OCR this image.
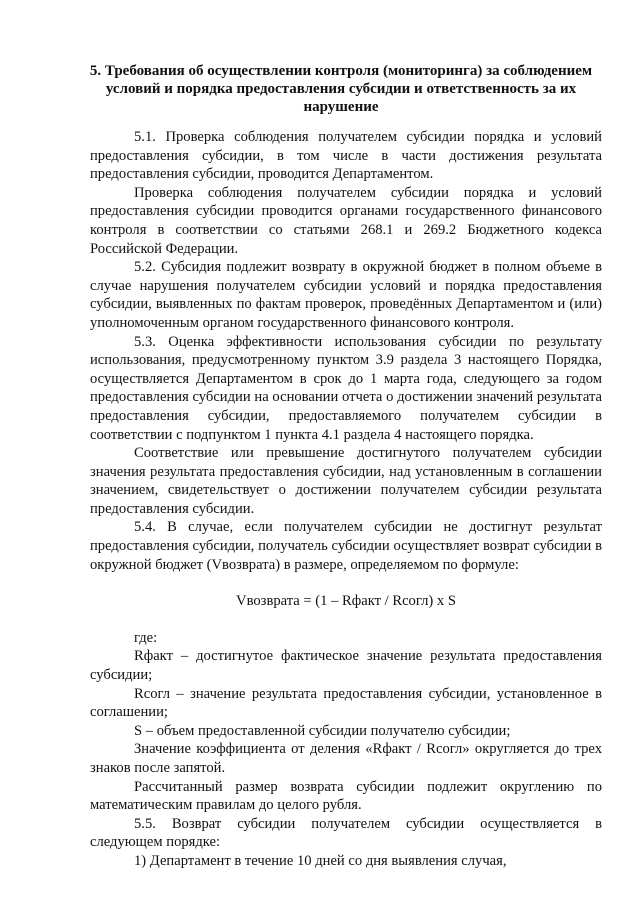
5. Требования об осуществлении контроля (мониторинга) за соблюдением условий и порядка предоставления субсидии и ответственность за их нарушение

5.1. Проверка соблюдения получателем субсидии порядка и условий предоставления субсидии, в том числе в части достижения результата предоставления субсидии, проводится Департаментом.

Проверка соблюдения получателем субсидии порядка и условий предоставления субсидии проводится органами государственного финансового контроля в соответствии со статьями 268.1 и 269.2 Бюджетного кодекса Российской Федерации.

5.2. Субсидия подлежит возврату в окружной бюджет в полном объеме в случае нарушения получателем субсидии условий и порядка предоставления субсидии, выявленных по фактам проверок, проведённых Департаментом и (или) уполномоченным органом государственного финансового контроля.

5.3. Оценка эффективности использования субсидии по результату использования, предусмотренному пунктом 3.9 раздела 3 настоящего Порядка, осуществляется Департаментом в срок до 1 марта года, следующего за годом предоставления субсидии на основании отчета о достижении значений результата предоставления субсидии, предоставляемого получателем субсидии в соответствии с подпунктом 1 пункта 4.1 раздела 4 настоящего порядка.

Соответствие или превышение достигнутого получателем субсидии значения результата предоставления субсидии, над установленным в соглашении значением, свидетельствует о достижении получателем субсидии результата предоставления субсидии.

5.4. В случае, если получателем субсидии не достигнут результат предоставления субсидии, получатель субсидии осуществляет возврат субсидии в окружной бюджет (Vвозврата) в размере, определяемом по формуле:

Vвозврата = (1 – Rфакт / Rсогл) x S

где:

Rфакт – достигнутое фактическое значение результата предоставления субсидии;

Rсогл – значение результата предоставления субсидии, установленное в соглашении;

S – объем предоставленной субсидии получателю субсидии;

Значение коэффициента от деления «Rфакт / Rсогл» округляется до трех знаков после запятой.

Рассчитанный размер возврата субсидии подлежит округлению по математическим правилам до целого рубля.

5.5. Возврат субсидии получателем субсидии осуществляется в следующем порядке:

1) Департамент в течение 10 дней со дня выявления случая,
